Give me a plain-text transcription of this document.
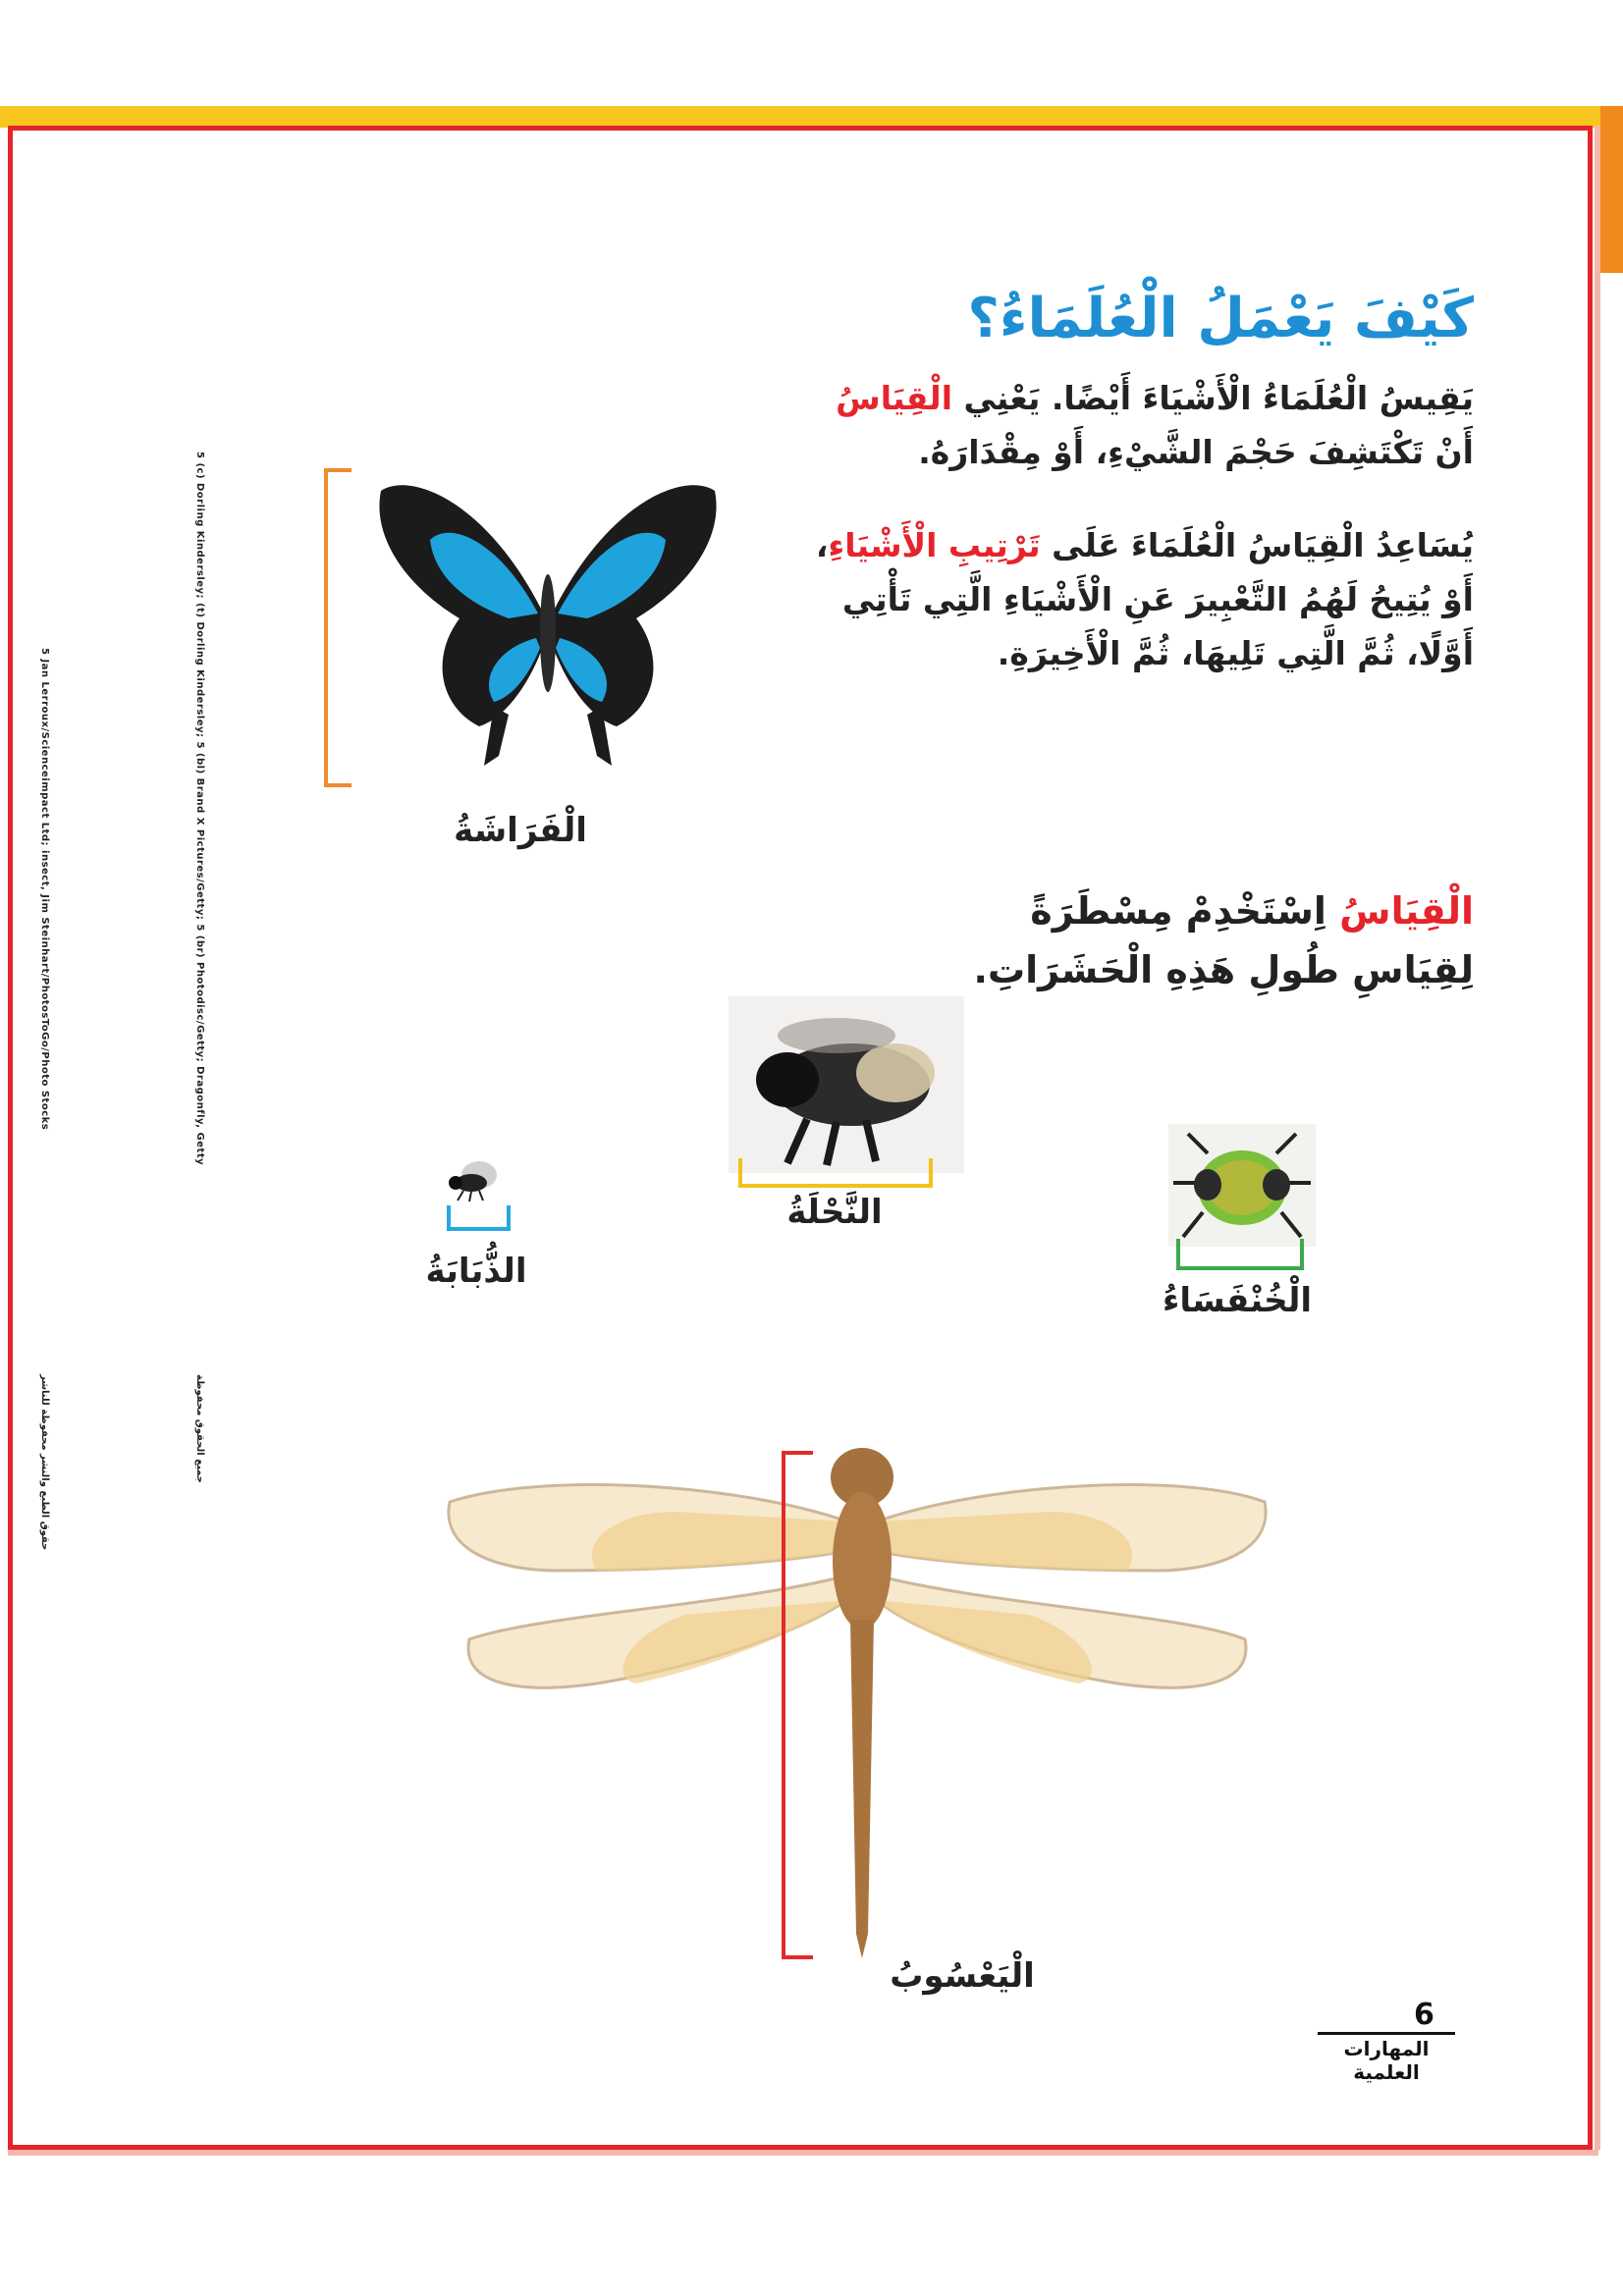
5 Jan Lerroux/Scienceimpact Ltd; insect, Jim Steinhart/PhotosToGo/Photo Stocks	5 (c) Dorling Kindersley; (t) Dorling Kindersley; 5 (bl) Brand X Pictures/Getty; 5 (br) Photodisc/Getty; Dragonfly, Getty
حقوق الطبع والنشر محفوظة للناشر	جميع الحقوق محفوظة
كَيْفَ يَعْمَلُ الْعُلَمَاءُ؟
يَقِيسُ الْعُلَمَاءُ الْأَشْيَاءَ أَيْضًا. يَعْنِي الْقِيَاسُ أَنْ تَكْتَشِفَ حَجْمَ الشَّيْءِ، أَوْ مِقْدَارَهُ.
يُسَاعِدُ الْقِيَاسُ الْعُلَمَاءَ عَلَى تَرْتِيبِ الْأَشْيَاءِ، أَوْ يُتِيحُ لَهُمُ التَّعْبِيرَ عَنِ الْأَشْيَاءِ الَّتِي تَأْتِي أَوَّلًا، ثُمَّ الَّتِي تَلِيهَا، ثُمَّ الْأَخِيرَةِ.
الْقِيَاسُ اِسْتَخْدِمْ مِسْطَرَةً لِقِيَاسِ طُولِ هَذِهِ الْحَشَرَاتِ.
الْفَرَاشَةُ
النَّحْلَةُ
الذُّبَابَةُ
الْخُنْفَسَاءُ
الْيَعْسُوبُ
6
المهارات العلمية
